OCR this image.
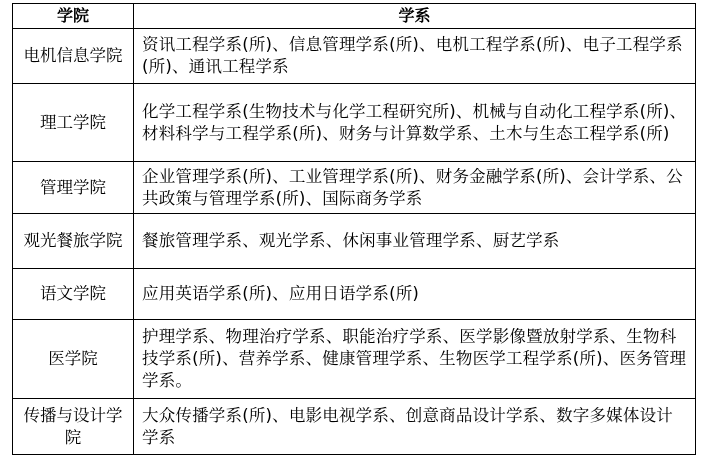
学院	学系
电机信息学院	资讯工程学系(所)、信息管理学系(所)、电机工程学系(所)、电子工程学系(所)、通讯工程学系
理工学院	化学工程学系(生物技术与化学工程研究所)、机械与自动化工程学系(所)、材料科学与工程学系(所)、财务与计算数学系、土木与生态工程学系(所)
管理学院	企业管理学系(所)、工业管理学系(所)、财务金融学系(所)、会计学系、公共政策与管理学系(所)、国际商务学系
观光餐旅学院	餐旅管理学系、观光学系、休闲事业管理学系、厨艺学系
语文学院	应用英语学系(所)、应用日语学系(所)
医学院	护理学系、物理治疗学系、职能治疗学系、医学影像暨放射学系、生物科技学系(所)、营养学系、健康管理学系、生物医学工程学系(所)、医务管理学系。
传播与设计学院	大众传播学系(所)、电影电视学系、创意商品设计学系、数字多媒体设计学系
